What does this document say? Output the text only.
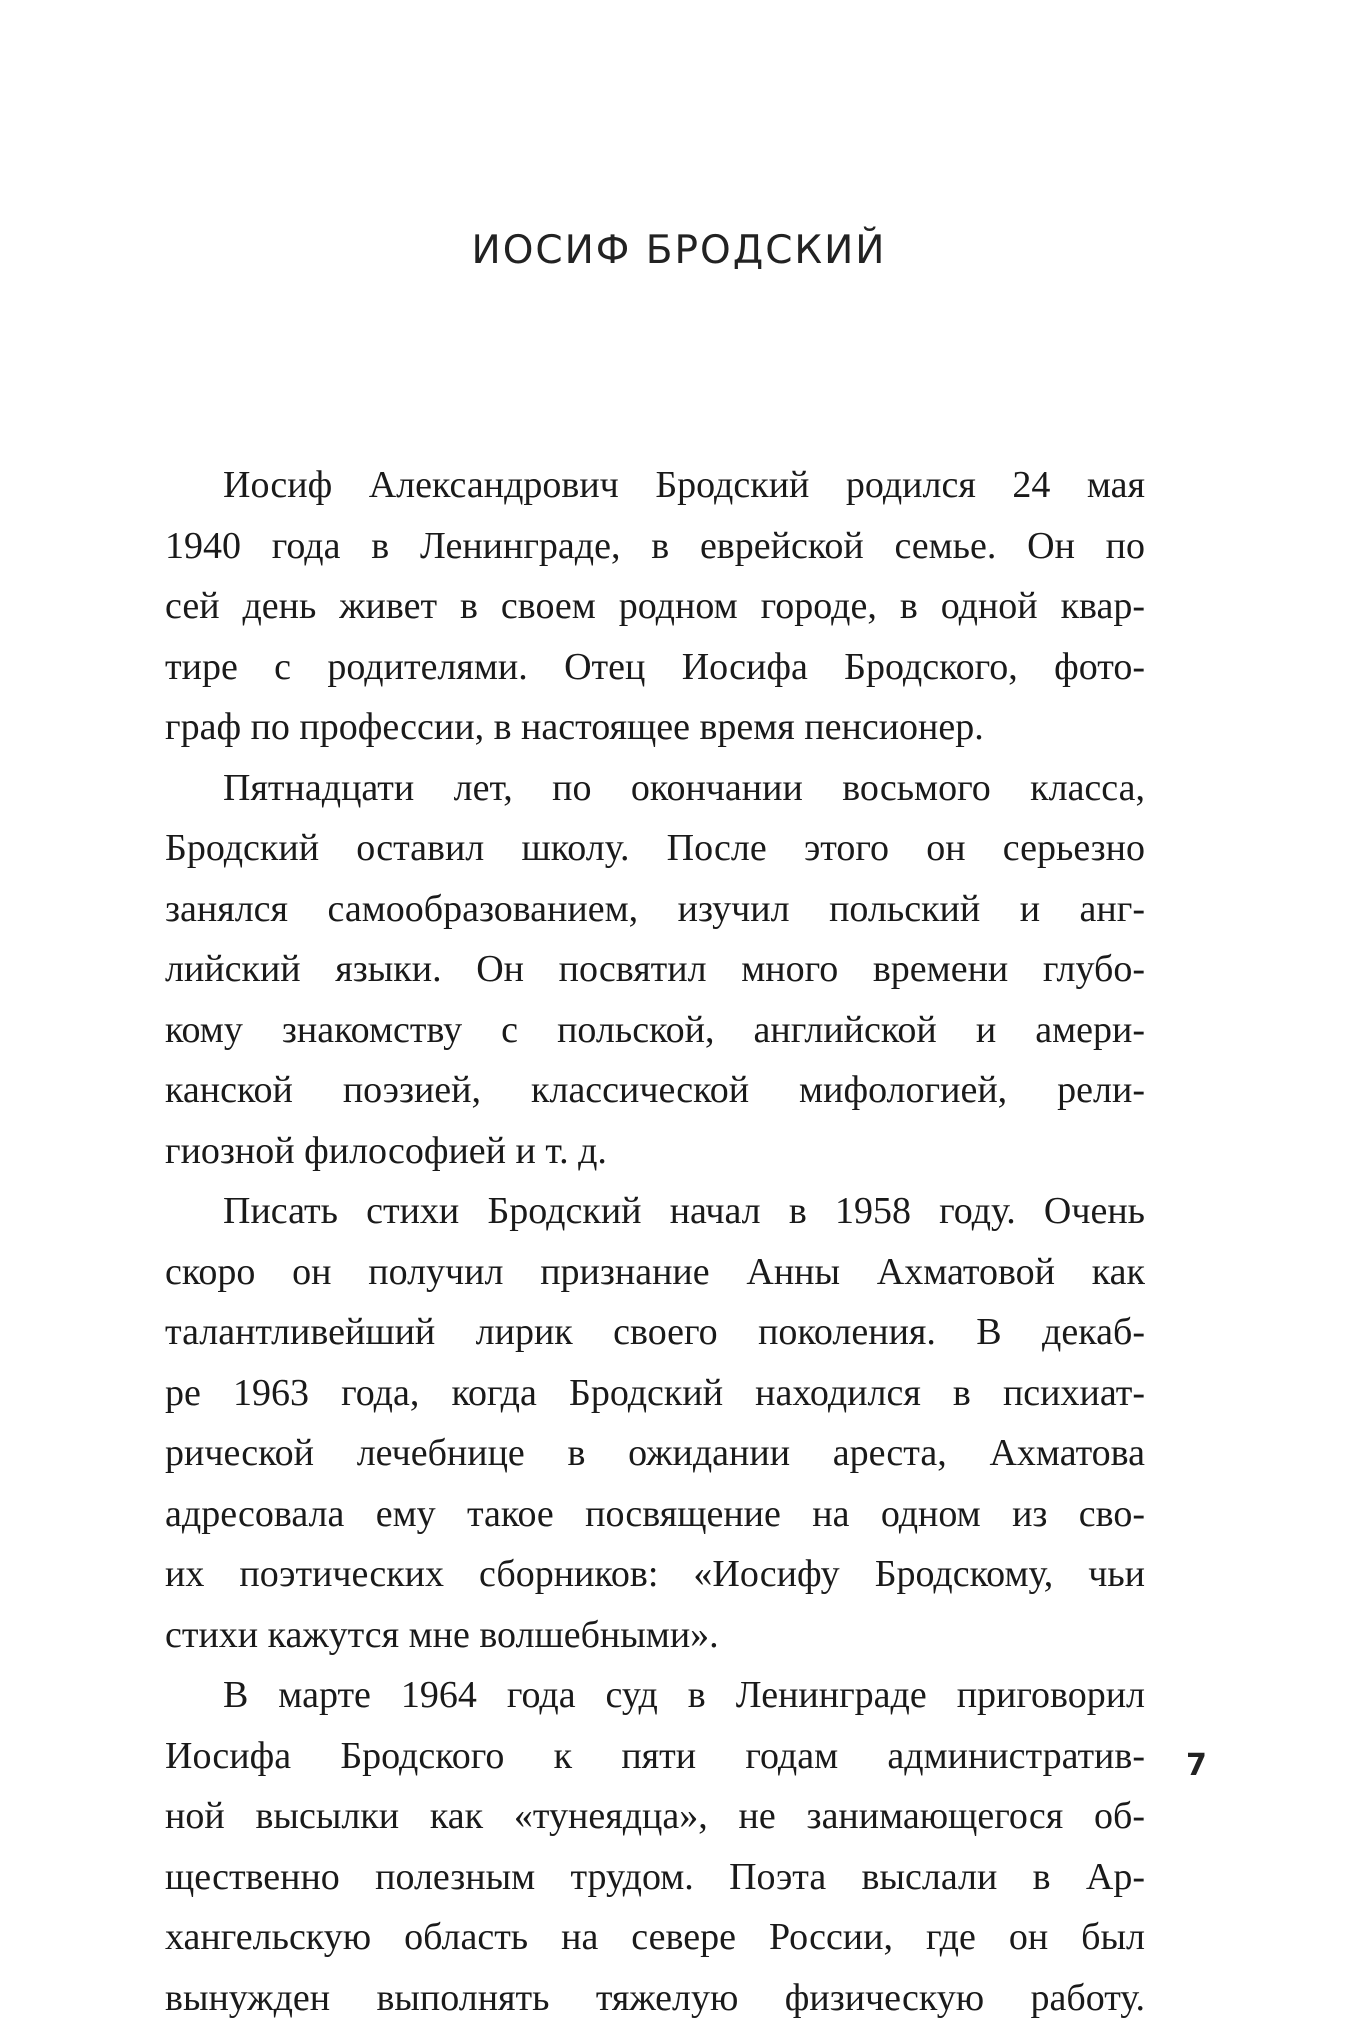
ИОСИФ БРОДСКИЙ
Иосиф Александрович Бродский родился 24 мая
1940 года в Ленинграде, в еврейской семье. Он по
сей день живет в своем родном городе, в одной квар-
тире с родителями. Отец Иосифа Бродского, фото-
граф по профессии, в настоящее время пенсионер.
Пятнадцати лет, по окончании восьмого класса,
Бродский оставил школу. После этого он серьезно
занялся самообразованием, изучил польский и анг-
лийский языки. Он посвятил много времени глубо-
кому знакомству с польской, английской и амери-
канской поэзией, классической мифологией, рели-
гиозной философией и т. д.
Писать стихи Бродский начал в 1958 году. Очень
скоро он получил признание Анны Ахматовой как
талантливейший лирик своего поколения. В декаб-
ре 1963 года, когда Бродский находился в психиат-
рической лечебнице в ожидании ареста, Ахматова
адресовала ему такое посвящение на одном из сво-
их поэтических сборников: «Иосифу Бродскому, чьи
стихи кажутся мне волшебными».
В марте 1964 года суд в Ленинграде приговорил
Иосифа Бродского к пяти годам административ-
ной высылки как «тунеядца», не занимающегося об-
щественно полезным трудом. Поэта выслали в Ар-
хангельскую область на севере России, где он был
вынужден выполнять тяжелую физическую работу.
7
